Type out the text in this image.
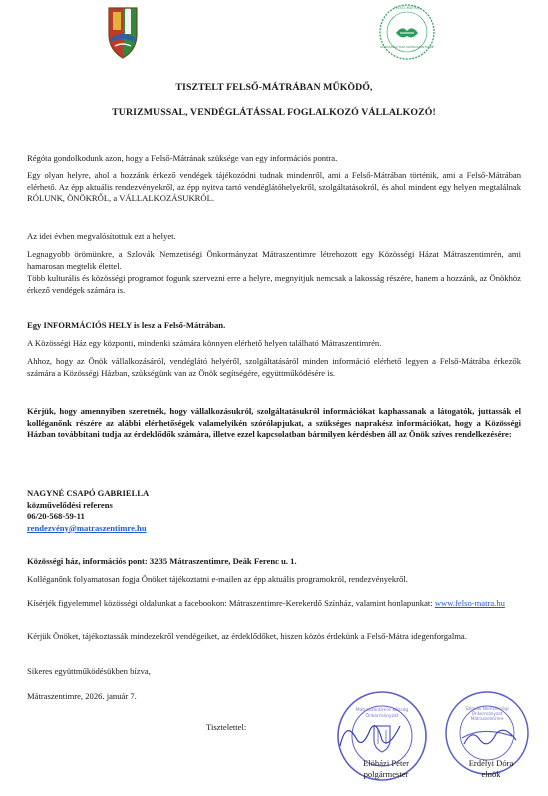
FELSŐ-MÁTRAI
KÖZÖSSÉGI HÁZ MÁTRASZENTIMRE
TISZTELT FELSŐ-MÁTRÁBAN MŰKÖDŐ,
TURIZMUSSAL, VENDÉGLÁTÁSSAL FOGLALKOZÓ VÁLLALKOZÓ!

Régóta gondolkodunk azon, hogy a Felső-Mátrának szüksége van egy információs pontra.

Egy olyan helyre, ahol a hozzánk érkező vendégek tájékozódni tudnak mindenről, ami a Felső-Mátrában történik, ami a Felső-Mátrában elérhető. Az épp aktuális rendezvényekről, az épp nyitva tartó vendéglátóhelyekről, szolgáltatásokról, és ahol mindent egy helyen megtalálnak RÓLUNK, ÖNÖKRŐL, a VÁLLALKOZÁSUKRÓL.

Az idei évben megvalósítottuk ezt a helyet.

Legnagyobb örömünkre, a Szlovák Nemzetiségi Önkormányzat Mátraszentimre létrehozott egy Közösségi Házat Mátraszentimrén, ami hamarosan megtelik élettel.

Több kulturális és közösségi programot fogunk szervezni erre a helyre, megnyitjuk nemcsak a lakosság részére, hanem a hozzánk, az Önökhöz érkező vendégek számára is.

Egy INFORMÁCIÓS HELY is lesz a Felső-Mátrában.

A Közösségi Ház egy központi, mindenki számára könnyen elérhető helyen található Mátraszentimrén.

Ahhoz, hogy az Önök vállalkozásáról, vendéglátó helyéről, szolgáltatásáról minden információ elérhető legyen a Felső-Mátrába érkezők számára a Közösségi Házban, szükségünk van az Önök segítségére, együttműködésére is.

Kérjük, hogy amennyiben szeretnék, hogy vállalkozásukról, szolgáltatásukról információkat kaphassanak a látogatók, juttassák el kolléganőnk részére az alábbi elérhetőségek valamelyikén szórólapjukat, a szükséges naprakész információkat, hogy a Közösségi Házban továbbítani tudja az érdeklődők számára, illetve ezzel kapcsolatban bármilyen kérdésben áll az Önök szíves rendelkezésére:

NAGYNÉ CSAPÓ GABRIELLA
közművelődési referens
06/20-568-59-11
rendezvény@matraszentimre.hu

Közösségi ház, információs pont: 3235 Mátraszentimre, Deák Ferenc u. 1.

Kolléganőnk folyamatosan fogja Önöket tájékoztatni e-mailen az épp aktuális programokról, rendezvényekről.

Kísérjék figyelemmel közösségi oldalunkat a facebookon: Mátraszentimre-Kerekerdő Színház, valamint honlapunkat: www.felso-matra.hu

Kérjük Önöket, tájékoztassák mindezekről vendégeiket, az érdeklődőket, hiszen közös érdekünk a Felső-Mátra idegenforgalma.

Sikeres együttműködésükben bízva,

Mátraszentimre, 2026. január 7.

Tisztelettel:
Mátraszentimre Község Önkormányzat
Szlovák Nemzetiségi Önkormányzat Mátraszentimre
Elöházi Péter
polgármester
Erdélyi Dóra
elnök
